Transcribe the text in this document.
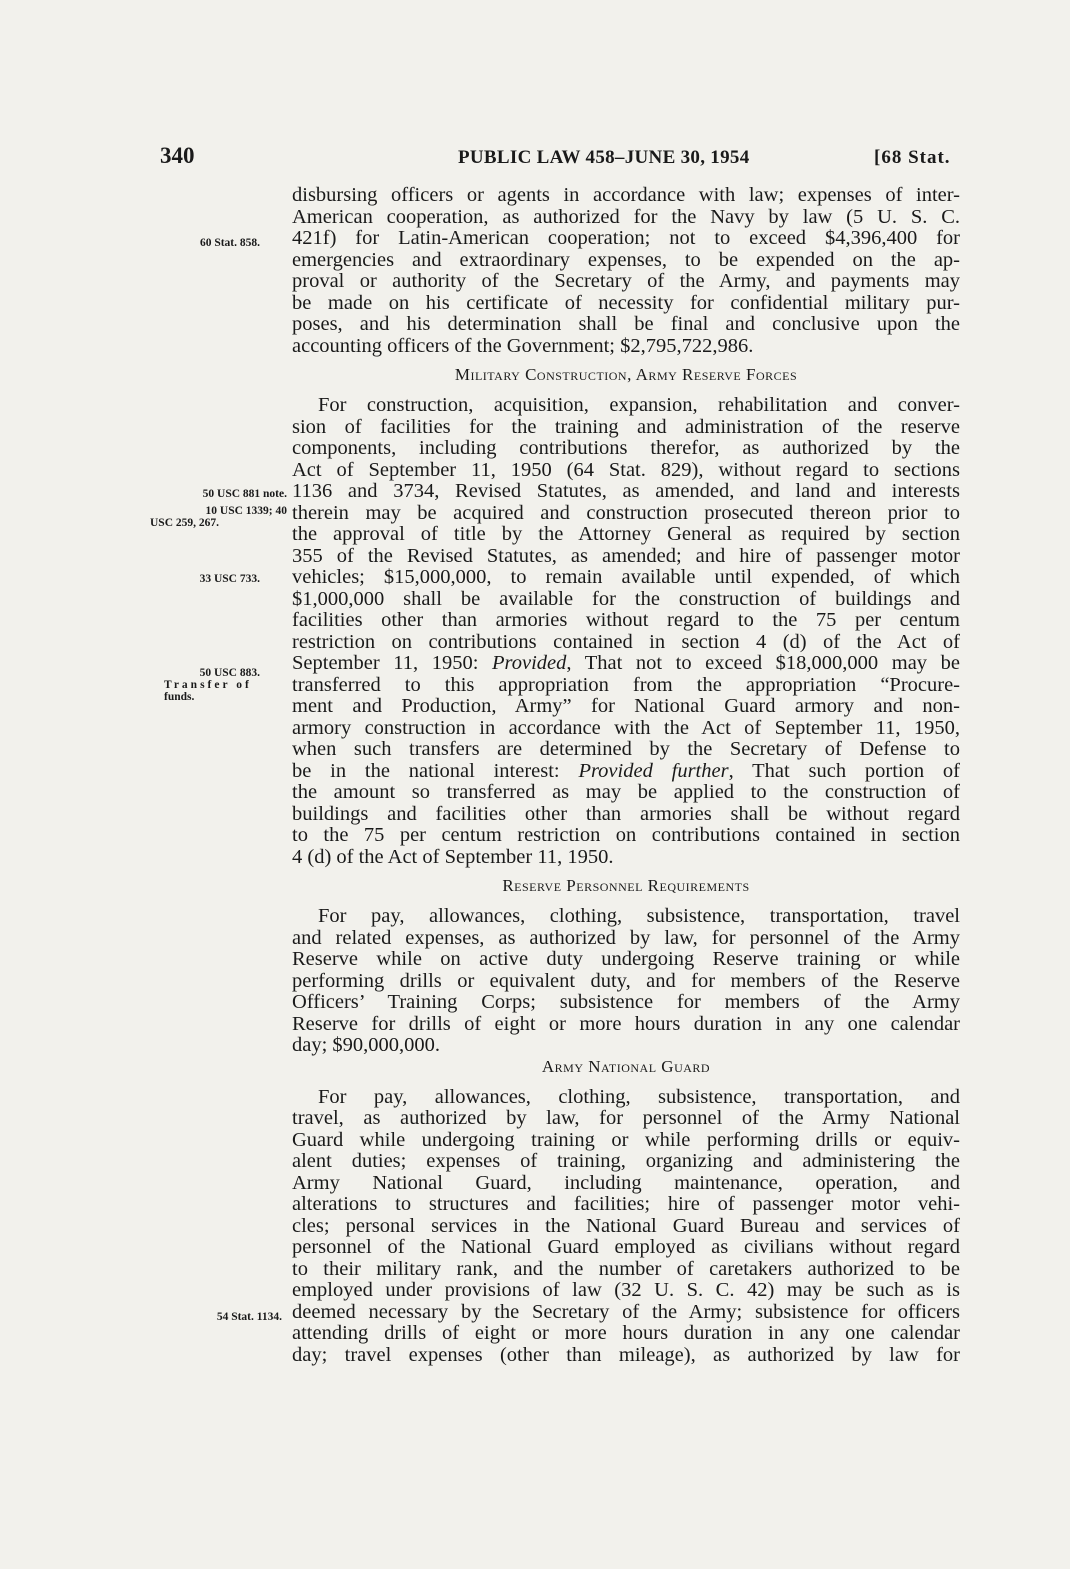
340	PUBLIC LAW 458–JUNE 30, 1954	[68 Stat.
60 Stat. 858.
50 USC 881 note.
10 USC 1339; 40
USC 259, 267.
33 USC 733.
50 USC 883.
Transfer of
funds.
54 Stat. 1134.
disbursing officers or agents in accordance with law; expenses of inter-
American cooperation, as authorized for the Navy by law (5 U. S. C.
421f) for Latin-American cooperation; not to exceed $4,396,400 for
emergencies and extraordinary expenses, to be expended on the ap-
proval or authority of the Secretary of the Army, and payments may
be made on his certificate of necessity for confidential military pur-
poses, and his determination shall be final and conclusive upon the
accounting officers of the Government; $2,795,722,986.
Military Construction, Army Reserve Forces
For construction, acquisition, expansion, rehabilitation and conver-
sion of facilities for the training and administration of the reserve
components, including contributions therefor, as authorized by the
Act of September 11, 1950 (64 Stat. 829), without regard to sections
1136 and 3734, Revised Statutes, as amended, and land and interests
therein may be acquired and construction prosecuted thereon prior to
the approval of title by the Attorney General as required by section
355 of the Revised Statutes, as amended; and hire of passenger motor
vehicles; $15,000,000, to remain available until expended, of which
$1,000,000 shall be available for the construction of buildings and
facilities other than armories without regard to the 75 per centum
restriction on contributions contained in section 4 (d) of the Act of
September 11, 1950: Provided, That not to exceed $18,000,000 may be
transferred to this appropriation from the appropriation “Procure-
ment and Production, Army” for National Guard armory and non-
armory construction in accordance with the Act of September 11, 1950,
when such transfers are determined by the Secretary of Defense to
be in the national interest: Provided further, That such portion of
the amount so transferred as may be applied to the construction of
buildings and facilities other than armories shall be without regard
to the 75 per centum restriction on contributions contained in section
4 (d) of the Act of September 11, 1950.
Reserve Personnel Requirements
For pay, allowances, clothing, subsistence, transportation, travel
and related expenses, as authorized by law, for personnel of the Army
Reserve while on active duty undergoing Reserve training or while
performing drills or equivalent duty, and for members of the Reserve
Officers’ Training Corps; subsistence for members of the Army
Reserve for drills of eight or more hours duration in any one calendar
day; $90,000,000.
Army National Guard
For pay, allowances, clothing, subsistence, transportation, and
travel, as authorized by law, for personnel of the Army National
Guard while undergoing training or while performing drills or equiv-
alent duties; expenses of training, organizing and administering the
Army National Guard, including maintenance, operation, and
alterations to structures and facilities; hire of passenger motor vehi-
cles; personal services in the National Guard Bureau and services of
personnel of the National Guard employed as civilians without regard
to their military rank, and the number of caretakers authorized to be
employed under provisions of law (32 U. S. C. 42) may be such as is
deemed necessary by the Secretary of the Army; subsistence for officers
attending drills of eight or more hours duration in any one calendar
day; travel expenses (other than mileage), as authorized by law for
